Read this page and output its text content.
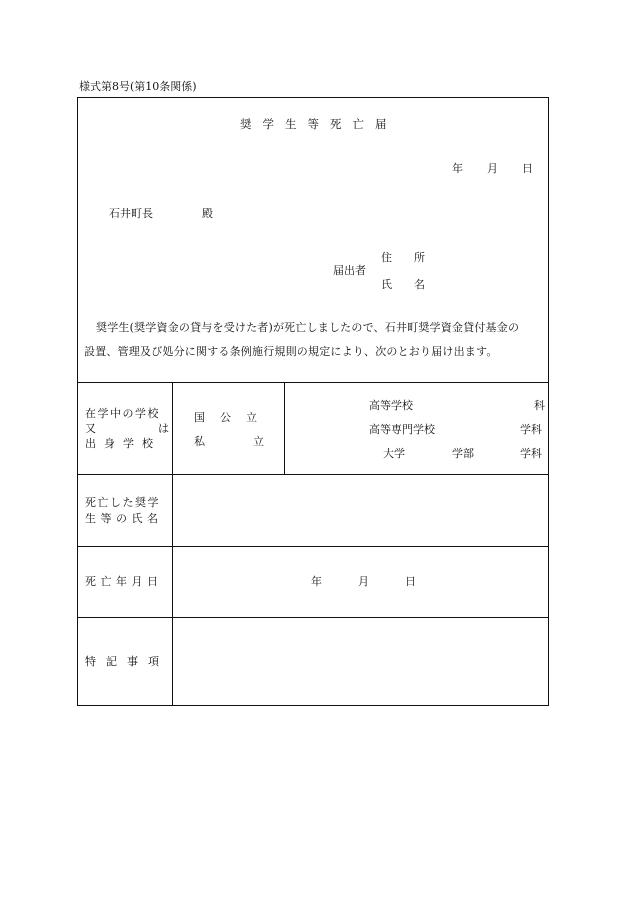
様式第8号(第10条関係)
奨学生等死亡届
年 月 日
石井町長	殿
届出者
住　　所
氏　　名
奨学生(奨学資金の貸与を受けた者)が死亡しましたので、石井町奨学資金貸付基金の
設置、管理及び処分に関する条例施行規則の規定により、次のとおり届け出ます。
在学中の学校
又	は
出身学校
国公立
私	立
高等学校	科
高等専門学校	学科
大学	学部	学科
死亡した奨学
生等の氏名
死亡年月日	年	月	日
特記事項
